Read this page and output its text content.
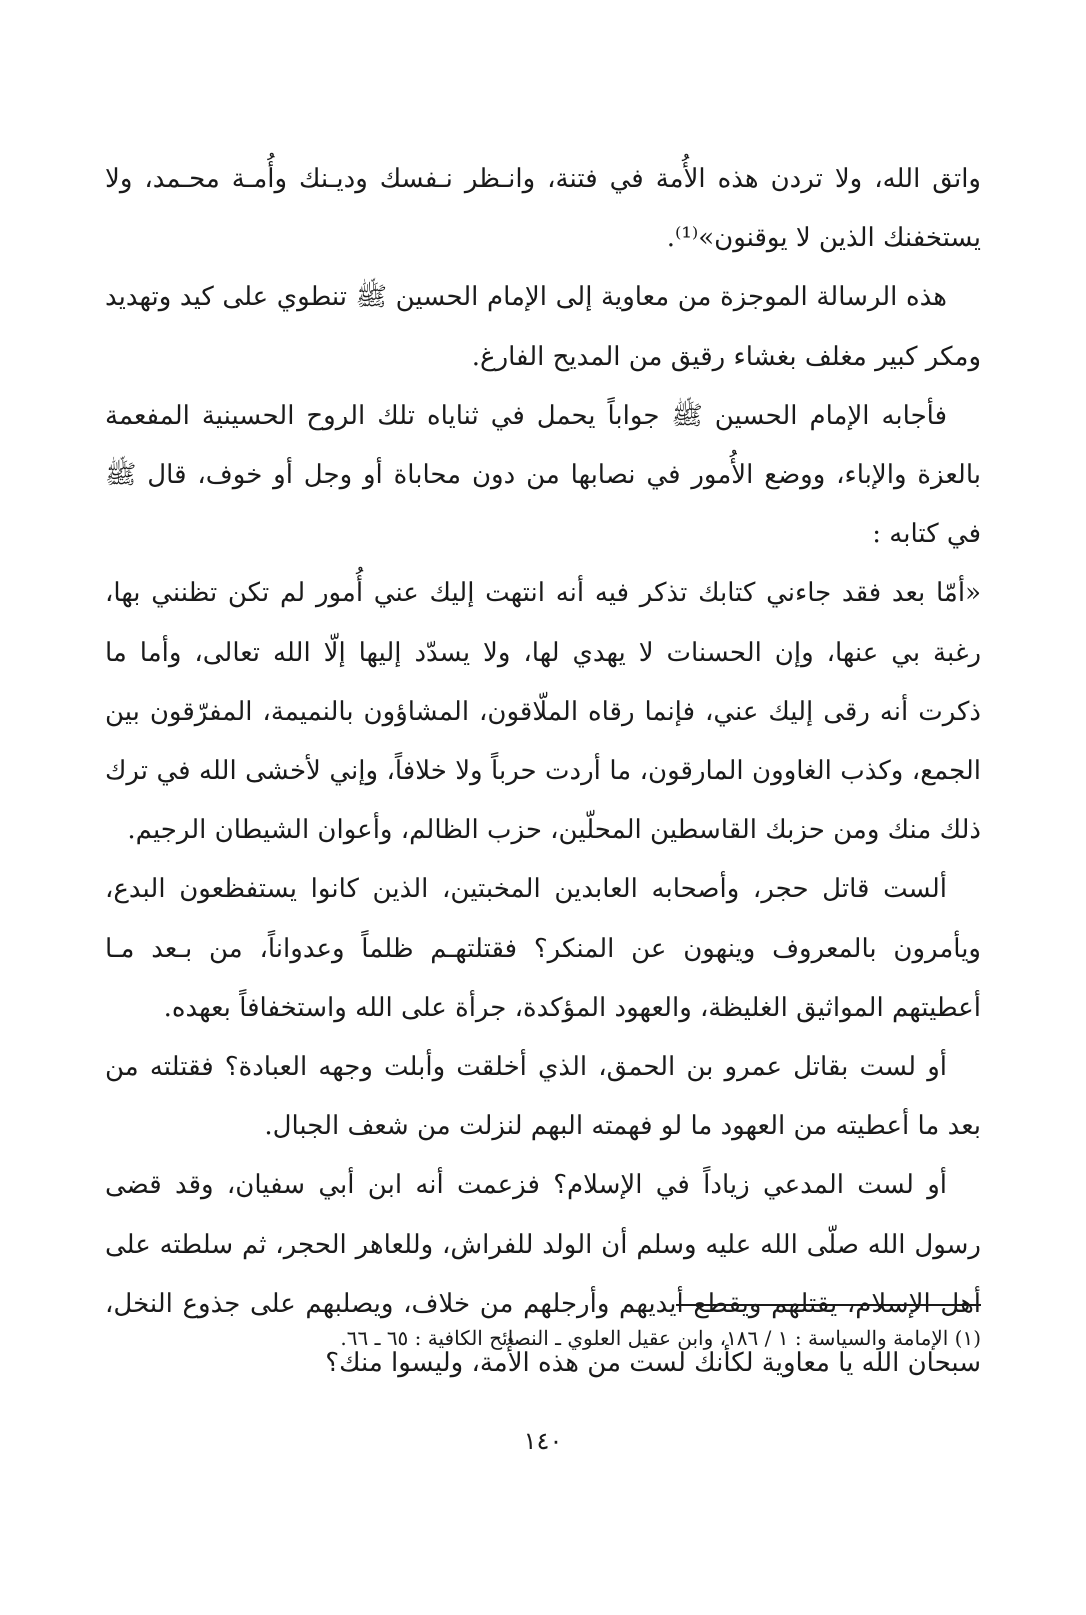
واتق الله، ولا تردن هذه الأُمة في فتنة، وانـظر نـفسك وديـنك وأُمـة محـمد، ولا يستخفنك الذين لا يوقنون»⁽¹⁾.

هذه الرسالة الموجزة من معاوية إلى الإمام الحسين ﷺ تنطوي على كيد وتهديد ومكر كبير مغلف بغشاء رقيق من المديح الفارغ.

فأجابه الإمام الحسين ﷺ جواباً يحمل في ثناياه تلك الروح الحسينية المفعمة بالعزة والإباء، ووضع الأُمور في نصابها من دون محاباة أو وجل أو خوف، قال ﷺ في كتابه :

«أمّا بعد فقد جاءني كتابك تذكر فيه أنه انتهت إليك عني أُمور لم تكن تظنني بها، رغبة بي عنها، وإن الحسنات لا يهدي لها، ولا يسدّد إليها إلّا الله تعالى، وأما ما ذكرت أنه رقى إليك عني، فإنما رقاه الملّاقون، المشاؤون بالنميمة، المفرّقون بين الجمع، وكذب الغاوون المارقون، ما أردت حرباً ولا خلافاً، وإني لأخشى الله في ترك ذلك منك ومن حزبك القاسطين المحلّين، حزب الظالم، وأعوان الشيطان الرجيم.

ألست قاتل حجر، وأصحابه العابدين المخبتين، الذين كانوا يستفظعون البدع، ويأمرون بالمعروف وينهون عن المنكر؟ فقتلتهـم ظلماً وعدواناً، من بـعد مـا أعطيتهم المواثيق الغليظة، والعهود المؤكدة، جرأة على الله واستخفافاً بعهده.

أو لست بقاتل عمرو بن الحمق، الذي أخلقت وأبلت وجهه العبادة؟ فقتلته من بعد ما أعطيته من العهود ما لو فهمته البهم لنزلت من شعف الجبال.

أو لست المدعي زياداً في الإسلام؟ فزعمت أنه ابن أبي سفيان، وقد قضى رسول الله صلّى الله عليه وسلم أن الولد للفراش، وللعاهر الحجر، ثم سلطته على أهل الإسلام، يقتلهم ويقطع أيديهم وأرجلهم من خلاف، ويصلبهم على جذوع النخل، سبحان الله يا معاوية لكأنك لست من هذه الأُمة، وليسوا منك؟

(١) الإمامة والسياسة : ١ / ١٨٦، وابن عقيل العلوي ـ النصائح الكافية : ٦٥ ـ ٦٦.

١٤٠
